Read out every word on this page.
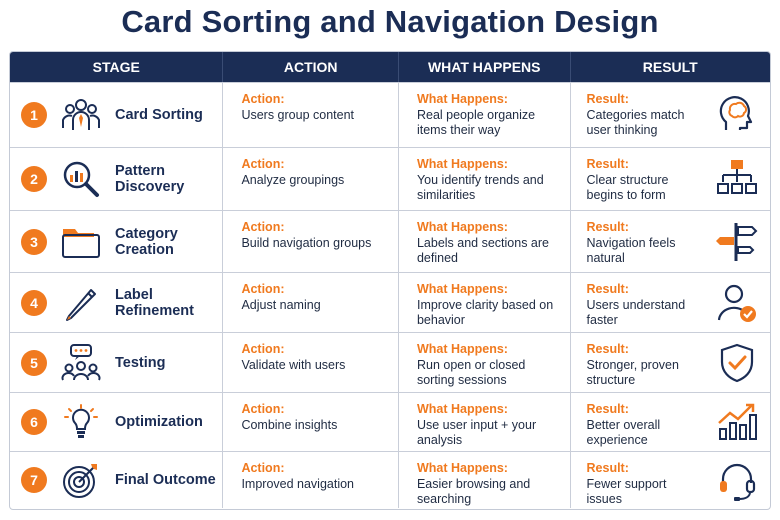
Card Sorting and Navigation Design
STAGE	ACTION	WHAT HAPPENS	RESULT
1	Card Sorting
Action:
Users group content
What Happens:
Real people organize items their way
Result:
Categories match user thinking
2	Pattern Discovery
Action:
Analyze groupings
What Happens:
You identify trends and similarities
Result:
Clear structure begins to form
3	Category Creation
Action:
Build navigation groups
What Happens:
Labels and sections are defined
Result:
Navigation feels natural
4	Label Refinement
Action:
Adjust naming
What Happens:
Improve clarity based on behavior
Result:
Users understand faster
5	Testing
Action:
Validate with users
What Happens:
Run open or closed sorting sessions
Result:
Stronger, proven structure
6	Optimization
Action:
Combine insights
What Happens:
Use user input + your analysis
Result:
Better overall experience
7	Final Outcome
Action:
Improved navigation
What Happens:
Easier browsing and searching
Result:
Fewer support issues
